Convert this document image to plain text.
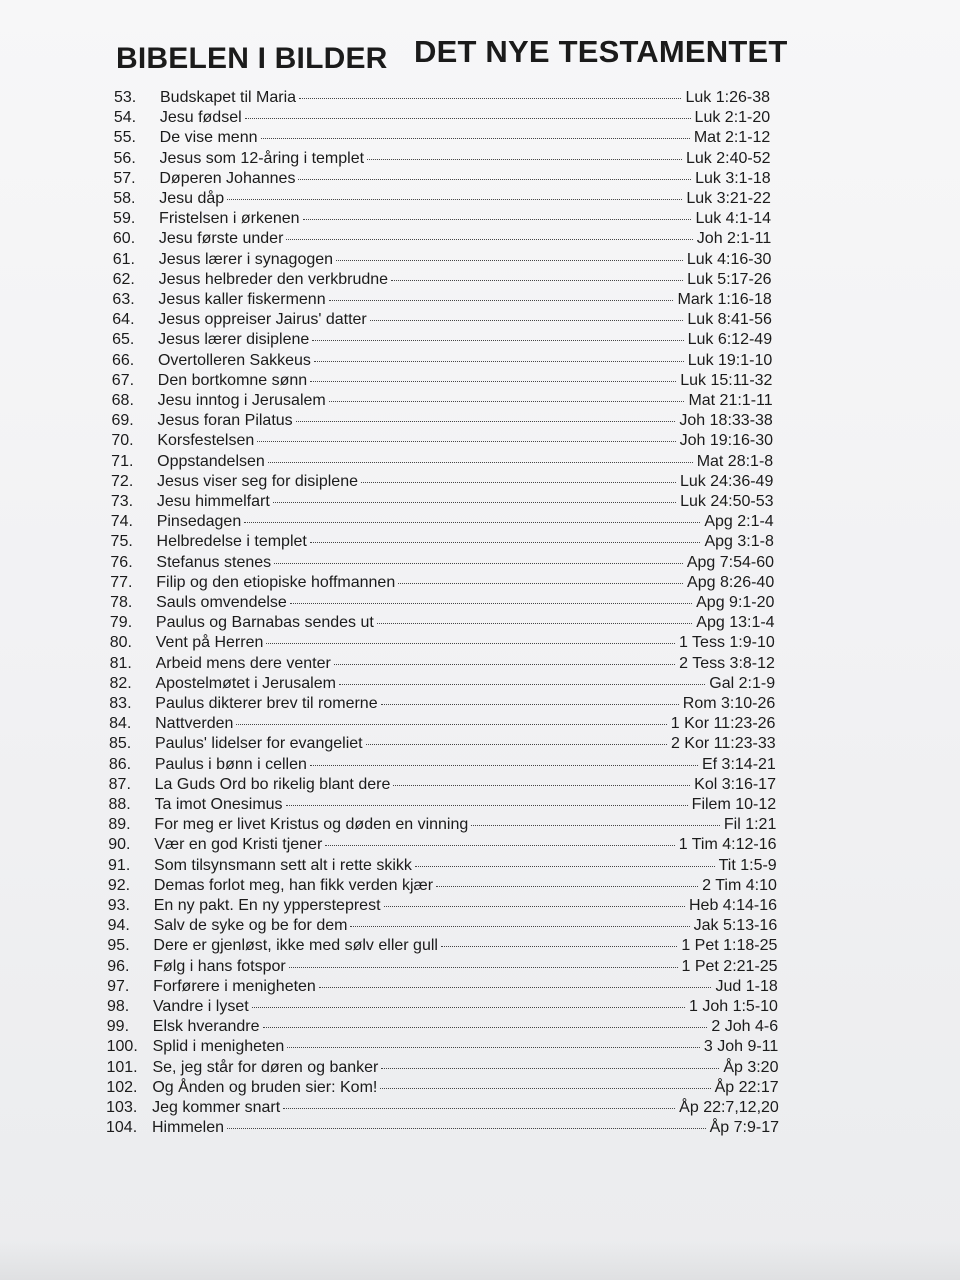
BIBELEN I BILDER DET NYE TESTAMENTET
53.	Budskapet til Maria	Luk 1:26-38
54.	Jesu fødsel	Luk 2:1-20
55.	De vise menn	Mat 2:1-12
56.	Jesus som 12-åring i templet	Luk 2:40-52
57.	Døperen Johannes	Luk 3:1-18
58.	Jesu dåp	Luk 3:21-22
59.	Fristelsen i ørkenen	Luk 4:1-14
60.	Jesu første under	Joh 2:1-11
61.	Jesus lærer i synagogen	Luk 4:16-30
62.	Jesus helbreder den verkbrudne	Luk 5:17-26
63.	Jesus kaller fiskermenn	Mark 1:16-18
64.	Jesus oppreiser Jairus' datter	Luk 8:41-56
65.	Jesus lærer disiplene	Luk 6:12-49
66.	Overtolleren Sakkeus	Luk 19:1-10
67.	Den bortkomne sønn	Luk 15:11-32
68.	Jesu inntog i Jerusalem	Mat 21:1-11
69.	Jesus foran Pilatus	Joh 18:33-38
70.	Korsfestelsen	Joh 19:16-30
71.	Oppstandelsen	Mat 28:1-8
72.	Jesus viser seg for disiplene	Luk 24:36-49
73.	Jesu himmelfart	Luk 24:50-53
74.	Pinsedagen	Apg 2:1-4
75.	Helbredelse i templet	Apg 3:1-8
76.	Stefanus stenes	Apg 7:54-60
77.	Filip og den etiopiske hoffmannen	Apg 8:26-40
78.	Sauls omvendelse	Apg 9:1-20
79.	Paulus og Barnabas sendes ut	Apg 13:1-4
80.	Vent på Herren	1 Tess 1:9-10
81.	Arbeid mens dere venter	2 Tess 3:8-12
82.	Apostelmøtet i Jerusalem	Gal 2:1-9
83.	Paulus dikterer brev til romerne	Rom 3:10-26
84.	Nattverden	1 Kor 11:23-26
85.	Paulus' lidelser for evangeliet	2 Kor 11:23-33
86.	Paulus i bønn i cellen	Ef 3:14-21
87.	La Guds Ord bo rikelig blant dere	Kol 3:16-17
88.	Ta imot Onesimus	Filem 10-12
89.	For meg er livet Kristus og døden en vinning	Fil 1:21
90.	Vær en god Kristi tjener	1 Tim 4:12-16
91.	Som tilsynsmann sett alt i rette skikk	Tit 1:5-9
92.	Demas forlot meg, han fikk verden kjær	2 Tim 4:10
93.	En ny pakt. En ny yppersteprest	Heb 4:14-16
94.	Salv de syke og be for dem	Jak 5:13-16
95.	Dere er gjenløst, ikke med sølv eller gull	1 Pet 1:18-25
96.	Følg i hans fotspor	1 Pet 2:21-25
97.	Forførere i menigheten	Jud 1-18
98.	Vandre i lyset	1 Joh 1:5-10
99.	Elsk hverandre	2 Joh 4-6
100. Splid i menigheten	3 Joh 9-11
101. Se, jeg står for døren og banker	Åp 3:20
102. Og Ånden og bruden sier: Kom!	Åp 22:17
103. Jeg kommer snart	Åp 22:7,12,20
104. Himmelen	Åp 7:9-17
